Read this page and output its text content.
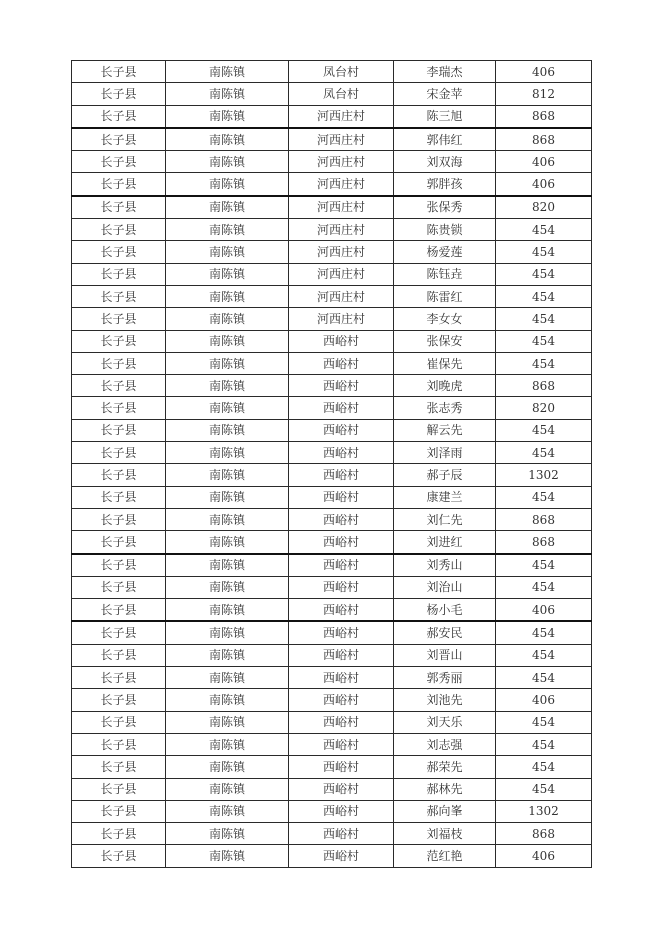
长子县	南陈镇	凤台村	李瑞杰	406
长子县	南陈镇	凤台村	宋金苹	812
长子县	南陈镇	河西庄村	陈三旭	868
长子县	南陈镇	河西庄村	郭伟红	868
长子县	南陈镇	河西庄村	刘双海	406
长子县	南陈镇	河西庄村	郭胖孩	406
长子县	南陈镇	河西庄村	张保秀	820
长子县	南陈镇	河西庄村	陈贵锁	454
长子县	南陈镇	河西庄村	杨爱莲	454
长子县	南陈镇	河西庄村	陈钰垚	454
长子县	南陈镇	河西庄村	陈雷红	454
长子县	南陈镇	河西庄村	李女女	454
长子县	南陈镇	西峪村	张保安	454
长子县	南陈镇	西峪村	崔保先	454
长子县	南陈镇	西峪村	刘晚虎	868
长子县	南陈镇	西峪村	张志秀	820
长子县	南陈镇	西峪村	解云先	454
长子县	南陈镇	西峪村	刘泽雨	454
长子县	南陈镇	西峪村	郝子辰	1302
长子县	南陈镇	西峪村	康建兰	454
长子县	南陈镇	西峪村	刘仁先	868
长子县	南陈镇	西峪村	刘进红	868
长子县	南陈镇	西峪村	刘秀山	454
长子县	南陈镇	西峪村	刘治山	454
长子县	南陈镇	西峪村	杨小毛	406
长子县	南陈镇	西峪村	郝安民	454
长子县	南陈镇	西峪村	刘晋山	454
长子县	南陈镇	西峪村	郭秀丽	454
长子县	南陈镇	西峪村	刘池先	406
长子县	南陈镇	西峪村	刘天乐	454
长子县	南陈镇	西峪村	刘志强	454
长子县	南陈镇	西峪村	郝荣先	454
长子县	南陈镇	西峪村	郝林先	454
长子县	南陈镇	西峪村	郝向峯	1302
长子县	南陈镇	西峪村	刘福枝	868
长子县	南陈镇	西峪村	范红艳	406
